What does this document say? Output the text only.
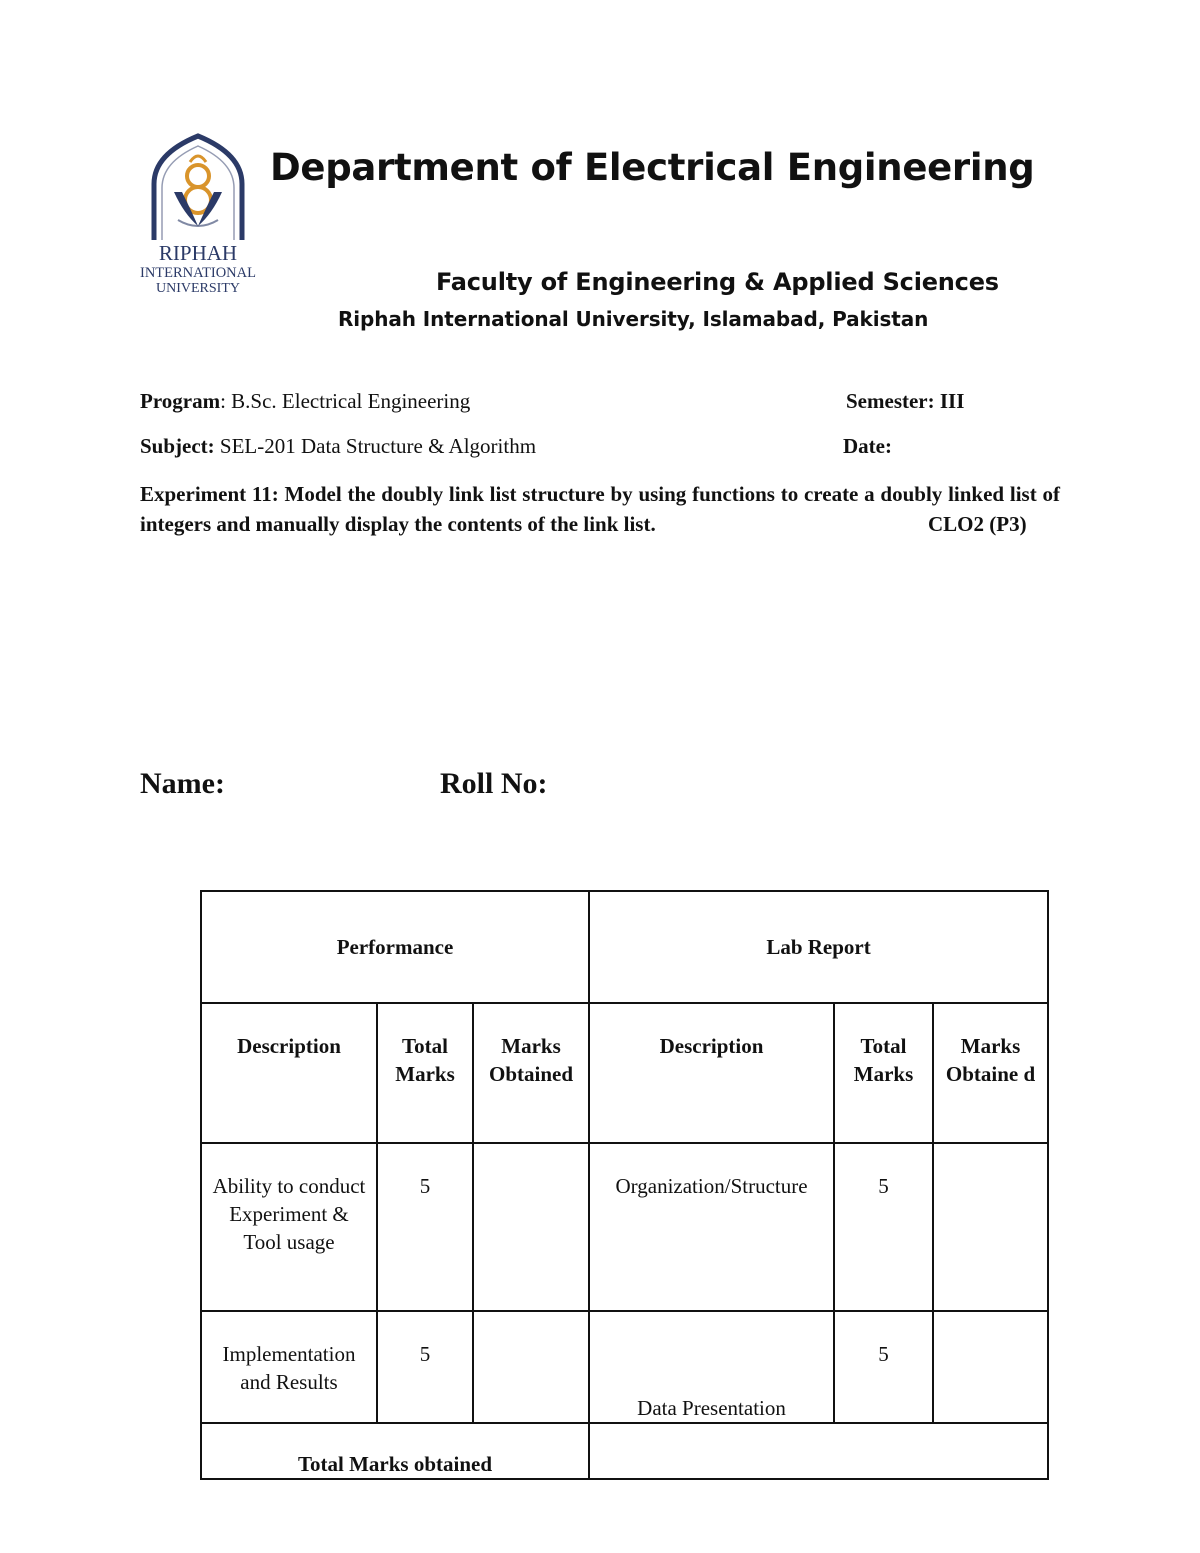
RIPHAH
INTERNATIONAL
UNIVERSITY
Department of Electrical Engineering
Faculty of Engineering & Applied Sciences
Riphah International University, Islamabad, Pakistan
Program: B.Sc. Electrical Engineering	Semester: III
Subject: SEL-201 Data Structure & Algorithm	Date:
Experiment 11: Model the doubly link list structure by using functions to create a doubly linked list of integers and manually display the contents of the link list.	CLO2 (P3)
Name:	Roll No:
Performance			Lab Report		
Description	Total Marks	Marks Obtained	Description	Total Marks	Marks Obtaine d
Ability to conduct Experiment & Tool usage	5		Organization/Structure	5	
Implementation and Results	5		Data Presentation	5	
Total Marks obtained					
